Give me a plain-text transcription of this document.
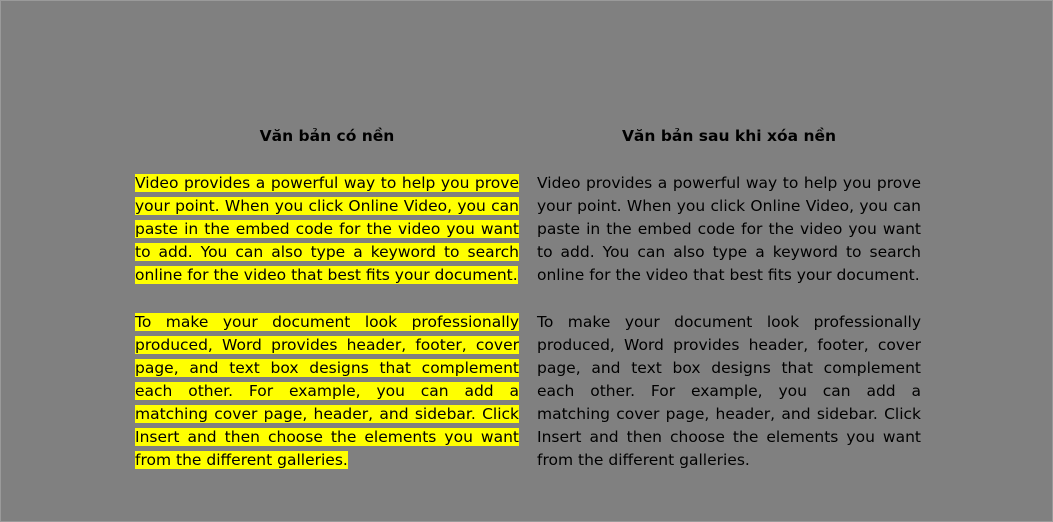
Văn bản có nền

Video provides a powerful way to help you prove your point. When you click Online Video, you can paste in the embed code for the video you want to add. You can also type a keyword to search online for the video that best fits your document.

To make your document look professionally produced, Word provides header, footer, cover page, and text box designs that complement each other. For example, you can add a matching cover page, header, and sidebar. Click Insert and then choose the elements you want from the different galleries.

Văn bản sau khi xóa nền

Video provides a powerful way to help you prove your point. When you click Online Video, you can paste in the embed code for the video you want to add. You can also type a keyword to search online for the video that best fits your document.

To make your document look professionally produced, Word provides header, footer, cover page, and text box designs that complement each other. For example, you can add a matching cover page, header, and sidebar. Click Insert and then choose the elements you want from the different galleries.
